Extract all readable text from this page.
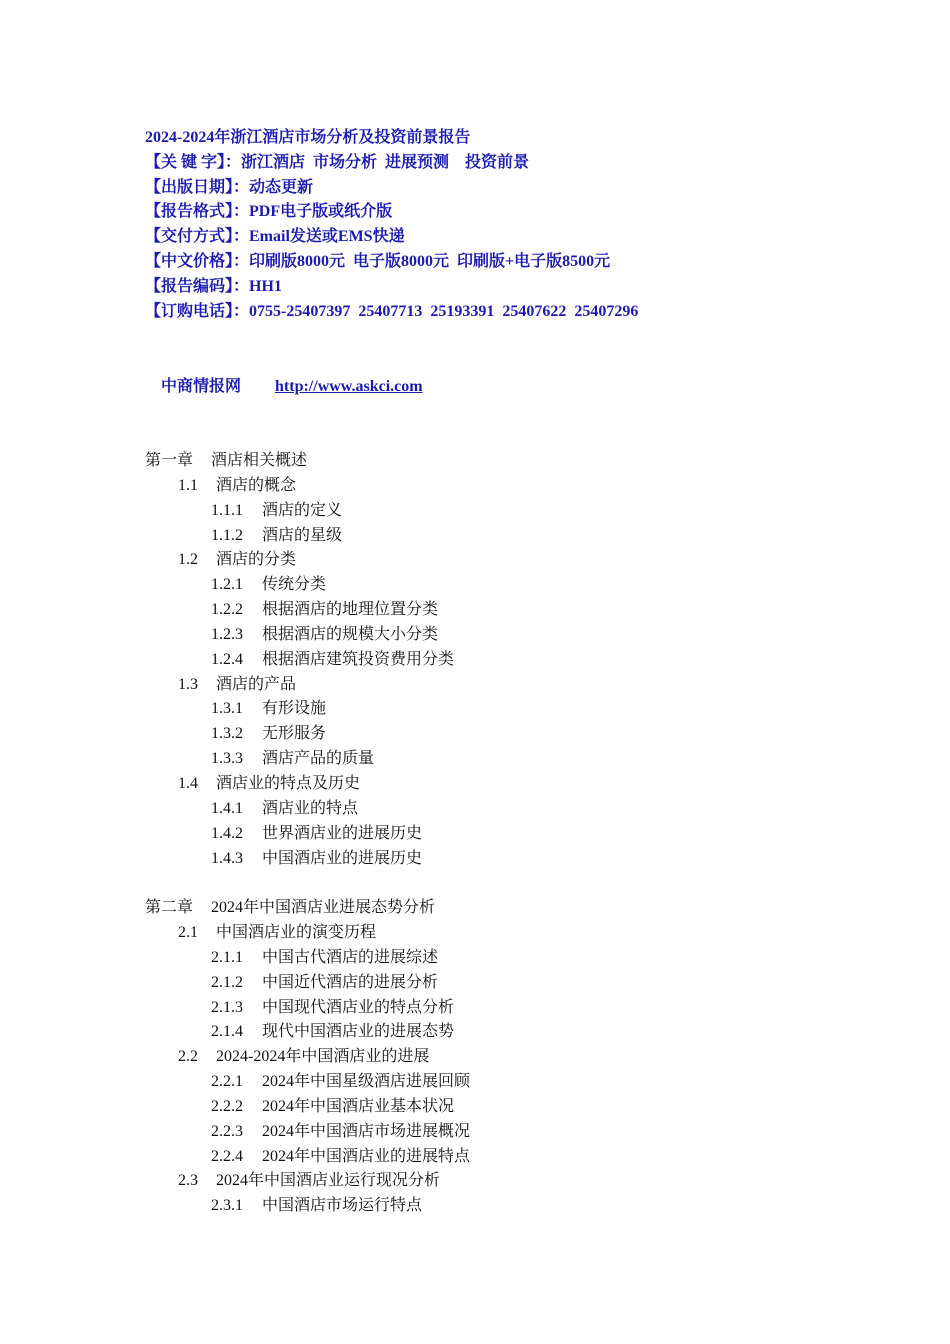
2024-2024年浙江酒店市场分析及投资前景报告
【关 键 字】：浙江酒店  市场分析  进展预测    投资前景
【出版日期】：动态更新
【报告格式】：PDF电子版或纸介版
【交付方式】：Email发送或EMS快递
【中文价格】：印刷版8000元  电子版8000元  印刷版+电子版8500元
【报告编码】：HH1
【订购电话】：0755-25407397  25407713  25193391  25407622  25407296

中商情报网 http://www.askci.com

第一章 酒店相关概述
1.1 酒店的概念
1.1.1 酒店的定义
1.1.2 酒店的星级
1.2 酒店的分类
1.2.1 传统分类
1.2.2 根据酒店的地理位置分类
1.2.3 根据酒店的规模大小分类
1.2.4 根据酒店建筑投资费用分类
1.3 酒店的产品
1.3.1 有形设施
1.3.2 无形服务
1.3.3 酒店产品的质量
1.4 酒店业的特点及历史
1.4.1 酒店业的特点
1.4.2 世界酒店业的进展历史
1.4.3 中国酒店业的进展历史
第二章 2024年中国酒店业进展态势分析
2.1 中国酒店业的演变历程
2.1.1 中国古代酒店的进展综述
2.1.2 中国近代酒店的进展分析
2.1.3 中国现代酒店业的特点分析
2.1.4 现代中国酒店业的进展态势
2.2 2024-2024年中国酒店业的进展
2.2.1 2024年中国星级酒店进展回顾
2.2.2 2024年中国酒店业基本状况
2.2.3 2024年中国酒店市场进展概况
2.2.4 2024年中国酒店业的进展特点
2.3 2024年中国酒店业运行现况分析
2.3.1 中国酒店市场运行特点
